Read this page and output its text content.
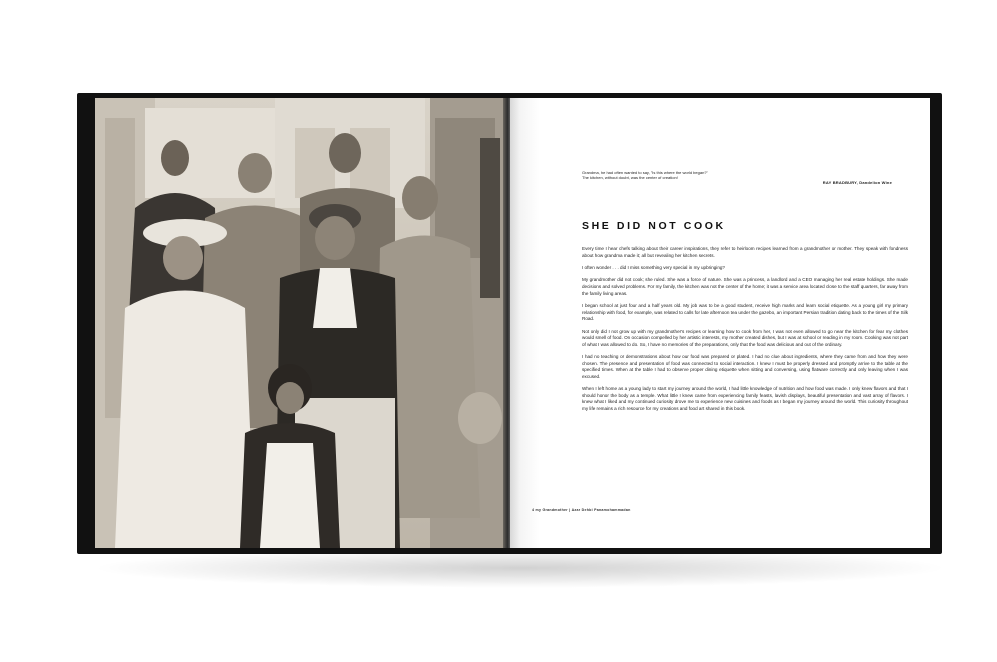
Grandma, he had often wanted to say, "Is this where the world began?"
The kitchen, without doubt, was the center of creation!
RAY BRADBURY, Dandelion Wine
SHE DID NOT COOK

Every time I hear chefs talking about their career inspirations, they refer to heirloom recipes learned from a grandmother or mother. They speak with fondness about how grandma made it; all but revealing her kitchen secrets.

I often wonder . . . did I miss something very special in my upbringing?

My grandmother did not cook; she ruled. She was a force of nature. She was a princess, a landlord and a CEO managing her real estate holdings. She made decisions and solved problems. For my family, the kitchen was not the center of the home; it was a service area located close to the staff quarters, far away from the family living areas.

I began school at just four and a half years old. My job was to be a good student, receive high marks and learn social etiquette. As a young girl my primary relationship with food, for example, was related to calls for late afternoon tea under the gazebo, an important Persian tradition dating back to the times of the Silk Road.

Not only did I not grow up with my grandmother's recipes or learning how to cook from her, I was not even allowed to go near the kitchen for fear my clothes would smell of food. On occasion compelled by her artistic interests, my mother created dishes, but I was at school or reading in my room. Cooking was not part of what I was allowed to do. So, I have no memories of the preparations, only that the food was delicious and out of the ordinary.

I had no teaching or demonstrations about how our food was prepared or plated. I had no clue about ingredients, where they came from and how they were chosen. The presence and presentation of food was connected to social interaction. I knew I must be properly dressed and promptly arrive to the table at the specified times. When at the table I had to observe proper dining etiquette when sitting and conversing, using flatware correctly and only leaving when I was excused.

When I left home as a young lady to start my journey around the world, I had little knowledge of nutrition and how food was made. I only knew flavors and that I should honor the body as a temple. What little I knew came from experiencing family feasts, lavish displays, beautiful presentation and vast array of flavors. I knew what I liked and my continued curiosity drove me to experience new cuisines and foods as I began my journey around the world. This curiosity throughout my life remains a rich resource for my creations and food art shared in this book.

4 my Grandmother | Azar Dehbi Panamohammadan
